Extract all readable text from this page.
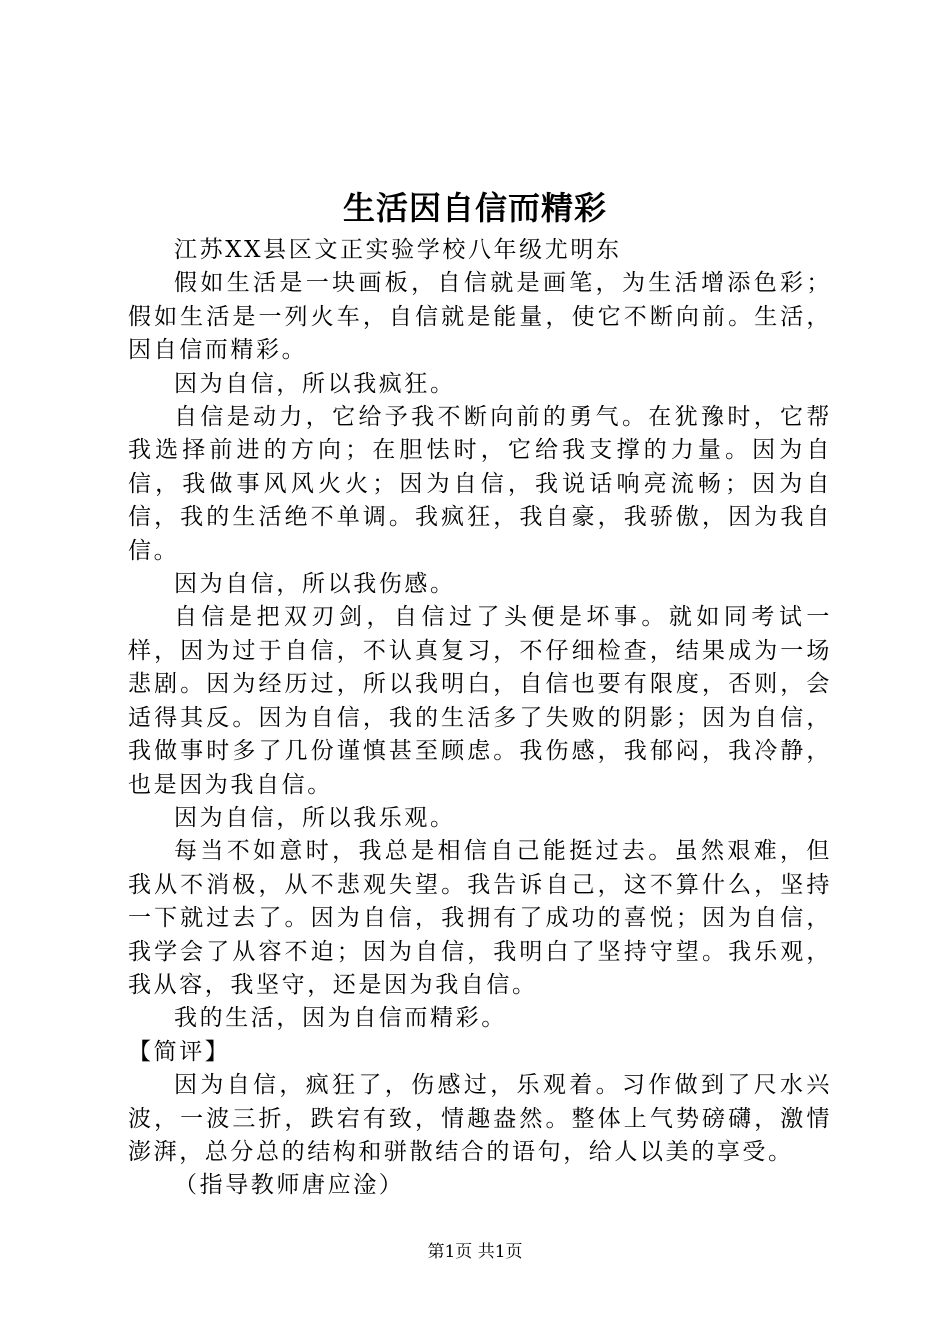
生活因自信而精彩

江苏XX县区文正实验学校八年级尤明东

假如生活是一块画板，自信就是画笔，为生活增添色彩；假如生活是一列火车，自信就是能量，使它不断向前。生活，因自信而精彩。

因为自信，所以我疯狂。

自信是动力，它给予我不断向前的勇气。在犹豫时，它帮我选择前进的方向；在胆怯时，它给我支撑的力量。因为自信，我做事风风火火；因为自信，我说话响亮流畅；因为自信，我的生活绝不单调。我疯狂，我自豪，我骄傲，因为我自信。

因为自信，所以我伤感。

自信是把双刃剑，自信过了头便是坏事。就如同考试一样，因为过于自信，不认真复习，不仔细检查，结果成为一场悲剧。因为经历过，所以我明白，自信也要有限度，否则，会适得其反。因为自信，我的生活多了失败的阴影；因为自信，我做事时多了几份谨慎甚至顾虑。我伤感，我郁闷，我冷静，也是因为我自信。

因为自信，所以我乐观。

每当不如意时，我总是相信自己能挺过去。虽然艰难，但我从不消极，从不悲观失望。我告诉自己，这不算什么，坚持一下就过去了。因为自信，我拥有了成功的喜悦；因为自信，我学会了从容不迫；因为自信，我明白了坚持守望。我乐观，我从容，我坚守，还是因为我自信。

我的生活，因为自信而精彩。

【简评】

因为自信，疯狂了，伤感过，乐观着。习作做到了尺水兴波，一波三折，跌宕有致，情趣盎然。整体上气势磅礴，激情澎湃，总分总的结构和骈散结合的语句，给人以美的享受。

（指导教师唐应淦）

第1页 共1页
